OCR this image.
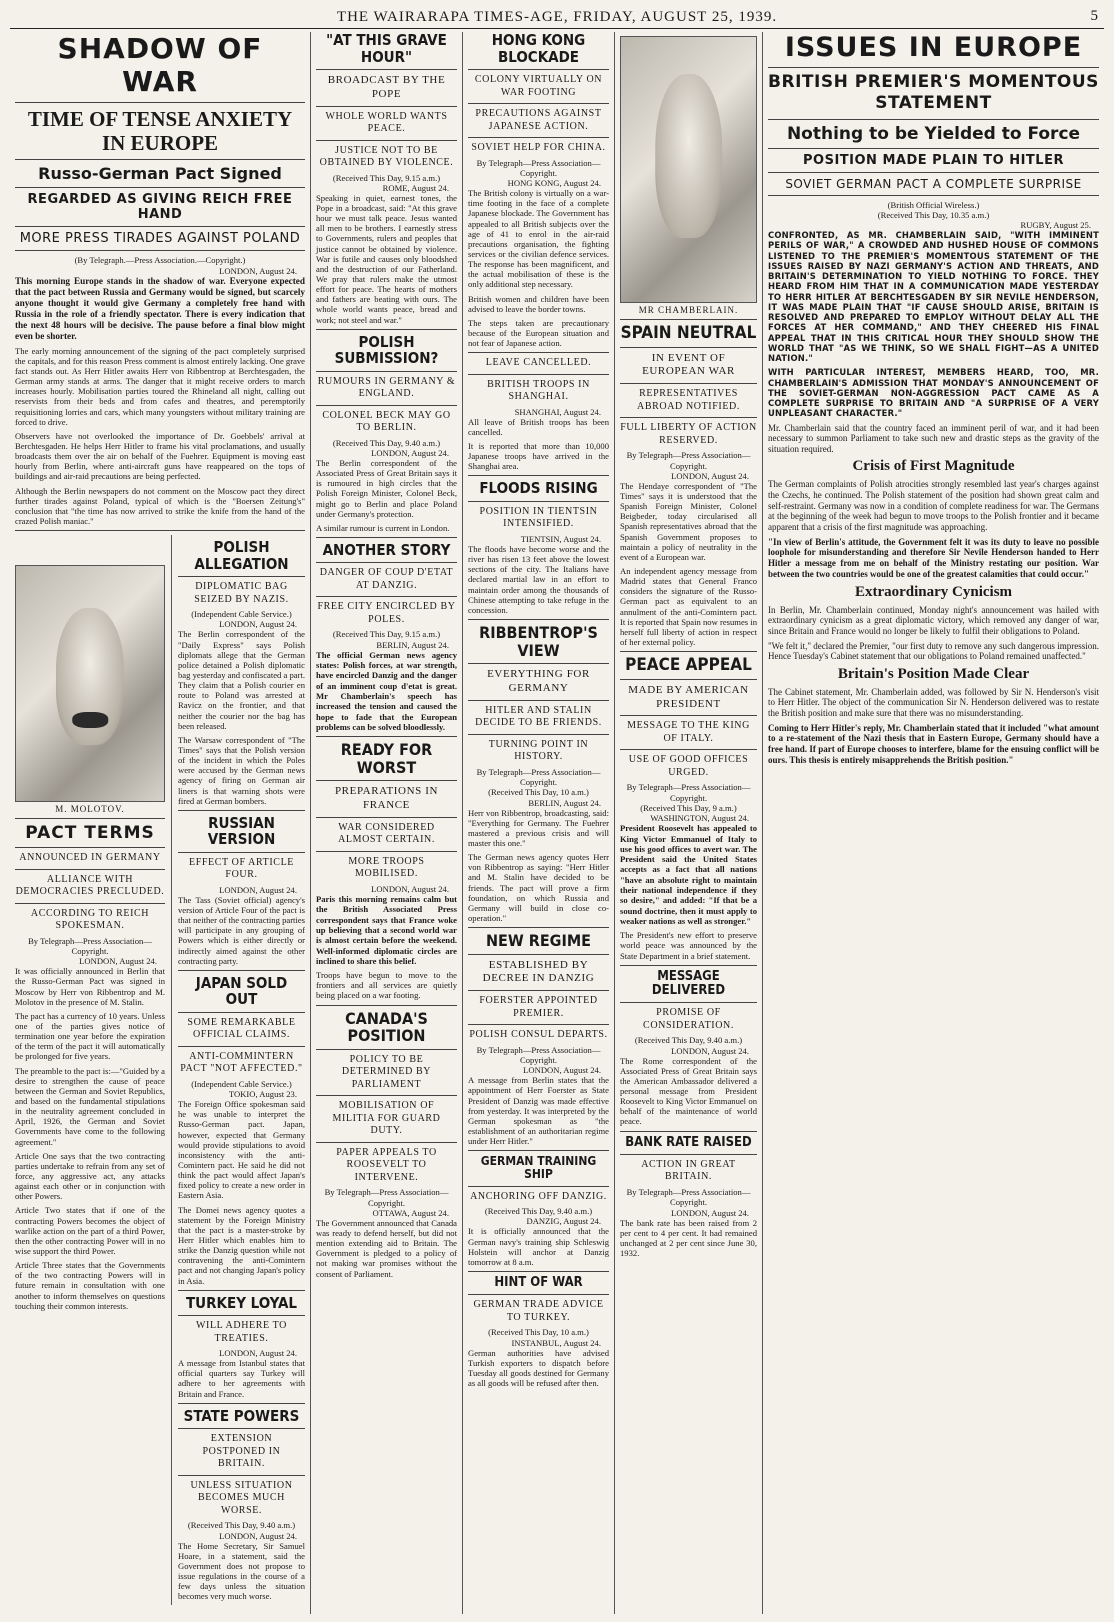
THE WAIRARAPA TIMES-AGE, FRIDAY, AUGUST 25, 1939.	5
SHADOW OF WAR
TIME OF TENSE ANXIETY IN EUROPE
Russo-German Pact Signed
REGARDED AS GIVING REICH FREE HAND
MORE PRESS TIRADES AGAINST POLAND

(By Telegraph.—Press Association.—Copyright.)

LONDON, August 24.

This morning Europe stands in the shadow of war. Everyone expected that the pact between Russia and Germany would be signed, but scarcely anyone thought it would give Germany a completely free hand with Russia in the role of a friendly spectator. There is every indication that the next 48 hours will be decisive. The pause before a final blow might even be shorter.

The early morning announcement of the signing of the pact completely surprised the capitals, and for this reason Press comment is almost entirely lacking. One grave fact stands out. As Herr Hitler awaits Herr von Ribbentrop at Berchtesgaden, the German army stands at arms. The danger that it might receive orders to march increases hourly. Mobilisation parties toured the Rhineland all night, calling out reservists from their beds and from cafes and theatres, and peremptorily requisitioning lorries and cars, which many youngsters without military training are forced to drive.

Observers have not overlooked the importance of Dr. Goebbels' arrival at Berchtesgaden. He helps Herr Hitler to frame his vital proclamations, and usually broadcasts them over the air on behalf of the Fuehrer. Equipment is moving east hourly from Berlin, where anti-aircraft guns have reappeared on the tops of buildings and air-raid precautions are being perfected.

Although the Berlin newspapers do not comment on the Moscow pact they direct further tirades against Poland, typical of which is the "Boersen Zeitung's" conclusion that "the time has now arrived to strike the knife from the hand of the crazed Polish maniac."

M. MOLOTOV.

PACT TERMS

ANNOUNCED IN GERMANY

ALLIANCE WITH DEMOCRACIES PRECLUDED.

ACCORDING TO REICH SPOKESMAN.

By Telegraph—Press Association—Copyright.

LONDON, August 24.

It was officially announced in Berlin that the Russo-German Pact was signed in Moscow by Herr von Ribbentrop and M. Molotov in the presence of M. Stalin.

The pact has a currency of 10 years. Unless one of the parties gives notice of termination one year before the expiration of the term of the pact it will automatically be prolonged for five years.

The preamble to the pact is:—"Guided by a desire to strengthen the cause of peace between the German and Soviet Republics, and based on the fundamental stipulations in the neutrality agreement concluded in April, 1926, the German and Soviet Governments have come to the following agreement."

Article One says that the two contracting parties undertake to refrain from any set of force, any aggressive act, any attacks against each other or in conjunction with other Powers.

Article Two states that if one of the contracting Powers becomes the object of warlike action on the part of a third Power, then the other contracting Power will in no wise support the third Power.

Article Three states that the Governments of the two contracting Powers will in future remain in consultation with one another to inform themselves on questions touching their common interests.

POLISH ALLEGATION

DIPLOMATIC BAG SEIZED BY NAZIS.

(Independent Cable Service.)

LONDON, August 24.

The Berlin correspondent of the "Daily Express" says Polish diplomats allege that the German police detained a Polish diplomatic bag yesterday and confiscated a part. They claim that a Polish courier en route to Poland was arrested at Ravicz on the frontier, and that neither the courier nor the bag has been released.

The Warsaw correspondent of "The Times" says that the Polish version of the incident in which the Poles were accused by the German news agency of firing on German air liners is that warning shots were fired at German bombers.

RUSSIAN VERSION

EFFECT OF ARTICLE FOUR.

LONDON, August 24.

The Tass (Soviet official) agency's version of Article Four of the pact is that neither of the contracting parties will participate in any grouping of Powers which is either directly or indirectly aimed against the other contracting party.

JAPAN SOLD OUT

SOME REMARKABLE OFFICIAL CLAIMS.

ANTI-COMMINTERN PACT "NOT AFFECTED."

(Independent Cable Service.)

TOKIO, August 23.

The Foreign Office spokesman said he was unable to interpret the Russo-German pact. Japan, however, expected that Germany would provide stipulations to avoid inconsistency with the anti-Comintern pact. He said he did not think the pact would affect Japan's fixed policy to create a new order in Eastern Asia.

The Domei news agency quotes a statement by the Foreign Ministry that the pact is a master-stroke by Herr Hitler which enables him to strike the Danzig question while not contravening the anti-Comintern pact and not changing Japan's policy in Asia.

TURKEY LOYAL

WILL ADHERE TO TREATIES.

LONDON, August 24.

A message from Istanbul states that official quarters say Turkey will adhere to her agreements with Britain and France.

STATE POWERS

EXTENSION POSTPONED IN BRITAIN.

UNLESS SITUATION BECOMES MUCH WORSE.

(Received This Day, 9.40 a.m.)

LONDON, August 24.

The Home Secretary, Sir Samuel Hoare, in a statement, said the Government does not propose to issue regulations in the course of a few days unless the situation becomes very much worse.

"AT THIS GRAVE HOUR"

BROADCAST BY THE POPE

WHOLE WORLD WANTS PEACE.

JUSTICE NOT TO BE OBTAINED BY VIOLENCE.

(Received This Day, 9.15 a.m.)

ROME, August 24.

Speaking in quiet, earnest tones, the Pope in a broadcast, said: "At this grave hour we must talk peace. Jesus wanted all men to be brothers. I earnestly stress to Governments, rulers and peoples that justice cannot be obtained by violence. War is futile and causes only bloodshed and the destruction of our Fatherland. We pray that rulers make the utmost effort for peace. The hearts of mothers and fathers are beating with ours. The whole world wants peace, bread and work; not steel and war."

POLISH SUBMISSION?

RUMOURS IN GERMANY & ENGLAND.

COLONEL BECK MAY GO TO BERLIN.

(Received This Day, 9.40 a.m.)

LONDON, August 24.

The Berlin correspondent of the Associated Press of Great Britain says it is rumoured in high circles that the Polish Foreign Minister, Colonel Beck, might go to Berlin and place Poland under Germany's protection.

A similar rumour is current in London.

ANOTHER STORY

DANGER OF COUP D'ETAT AT DANZIG.

FREE CITY ENCIRCLED BY POLES.

(Received This Day, 9.15 a.m.)

BERLIN, August 24.

The official German news agency states: Polish forces, at war strength, have encircled Danzig and the danger of an imminent coup d'etat is great. Mr Chamberlain's speech has increased the tension and caused the hope to fade that the European problems can be solved bloodlessly.

READY FOR WORST

PREPARATIONS IN FRANCE

WAR CONSIDERED ALMOST CERTAIN.

MORE TROOPS MOBILISED.

LONDON, August 24.

Paris this morning remains calm but the British Associated Press correspondent says that France woke up believing that a second world war is almost certain before the weekend. Well-informed diplomatic circles are inclined to share this belief.

Troops have begun to move to the frontiers and all services are quietly being placed on a war footing.

CANADA'S POSITION

POLICY TO BE DETERMINED BY PARLIAMENT

MOBILISATION OF MILITIA FOR GUARD DUTY.

PAPER APPEALS TO ROOSEVELT TO INTERVENE.

By Telegraph—Press Association—Copyright.

OTTAWA, August 24.

The Government announced that Canada was ready to defend herself, but did not mention extending aid to Britain. The Government is pledged to a policy of not making war promises without the consent of Parliament.

HONG KONG BLOCKADE

COLONY VIRTUALLY ON WAR FOOTING

PRECAUTIONS AGAINST JAPANESE ACTION.

SOVIET HELP FOR CHINA.

By Telegraph—Press Association—Copyright.

HONG KONG, August 24.

The British colony is virtually on a war-time footing in the face of a complete Japanese blockade. The Government has appealed to all British subjects over the age of 41 to enrol in the air-raid precautions organisation, the fighting services or the civilian defence services. The response has been magnificent, and the actual mobilisation of these is the only additional step necessary.

British women and children have been advised to leave the border towns.

The steps taken are precautionary because of the European situation and not fear of Japanese action.

LEAVE CANCELLED.

BRITISH TROOPS IN SHANGHAI.

SHANGHAI, August 24.

All leave of British troops has been cancelled.

It is reported that more than 10,000 Japanese troops have arrived in the Shanghai area.

FLOODS RISING

POSITION IN TIENTSIN INTENSIFIED.

TIENTSIN, August 24.

The floods have become worse and the river has risen 13 feet above the lowest sections of the city. The Italians have declared martial law in an effort to maintain order among the thousands of Chinese attempting to take refuge in the concession.

RIBBENTROP'S VIEW

EVERYTHING FOR GERMANY

HITLER AND STALIN DECIDE TO BE FRIENDS.

TURNING POINT IN HISTORY.

By Telegraph—Press Association—Copyright.

(Received This Day, 10 a.m.)

BERLIN, August 24.

Herr von Ribbentrop, broadcasting, said: "Everything for Germany. The Fuehrer mastered a previous crisis and will master this one."

The German news agency quotes Herr von Ribbentrop as saying: "Herr Hitler and M. Stalin have decided to be friends. The pact will prove a firm foundation, on which Russia and Germany will build in close co-operation."

NEW REGIME

ESTABLISHED BY DECREE IN DANZIG

FOERSTER APPOINTED PREMIER.

POLISH CONSUL DEPARTS.

By Telegraph—Press Association—Copyright.

LONDON, August 24.

A message from Berlin states that the appointment of Herr Foerster as State President of Danzig was made effective from yesterday. It was interpreted by the German spokesman as "the establishment of an authoritarian regime under Herr Hitler."

GERMAN TRAINING SHIP

ANCHORING OFF DANZIG.

(Received This Day, 9.40 a.m.)

DANZIG, August 24.

It is officially announced that the German navy's training ship Schleswig Holstein will anchor at Danzig tomorrow at 8 a.m.

HINT OF WAR

GERMAN TRADE ADVICE TO TURKEY.

(Received This Day, 10 a.m.)

INSTANBUL, August 24.

German authorities have advised Turkish exporters to dispatch before Tuesday all goods destined for Germany as all goods will be refused after then.

MR CHAMBERLAIN.

SPAIN NEUTRAL

IN EVENT OF EUROPEAN WAR

REPRESENTATIVES ABROAD NOTIFIED.

FULL LIBERTY OF ACTION RESERVED.

By Telegraph—Press Association—Copyright.

LONDON, August 24.

The Hendaye correspondent of "The Times" says it is understood that the Spanish Foreign Minister, Colonel Beigbeder, today circularised all Spanish representatives abroad that the Spanish Government proposes to maintain a policy of neutrality in the event of a European war.

An independent agency message from Madrid states that General Franco considers the signature of the Russo-German pact as equivalent to an annulment of the anti-Comintern pact. It is reported that Spain now resumes in herself full liberty of action in respect of her external policy.

PEACE APPEAL

MADE BY AMERICAN PRESIDENT

MESSAGE TO THE KING OF ITALY.

USE OF GOOD OFFICES URGED.

By Telegraph—Press Association—Copyright.

(Received This Day, 9 a.m.)

WASHINGTON, August 24.

President Roosevelt has appealed to King Victor Emmanuel of Italy to use his good offices to avert war. The President said the United States accepts as a fact that all nations "have an absolute right to maintain their national independence if they so desire," and added: "If that be a sound doctrine, then it must apply to weaker nations as well as stronger."

The President's new effort to preserve world peace was announced by the State Department in a brief statement.

MESSAGE DELIVERED

PROMISE OF CONSIDERATION.

(Received This Day, 9.40 a.m.)

LONDON, August 24.

The Rome correspondent of the Associated Press of Great Britain says the American Ambassador delivered a personal message from President Roosevelt to King Victor Emmanuel on behalf of the maintenance of world peace.

BANK RATE RAISED

ACTION IN GREAT BRITAIN.

By Telegraph—Press Association—Copyright.

LONDON, August 24.

The bank rate has been raised from 2 per cent to 4 per cent. It had remained unchanged at 2 per cent since June 30, 1932.

ISSUES IN EUROPE
BRITISH PREMIER'S MOMENTOUS STATEMENT
Nothing to be Yielded to Force
POSITION MADE PLAIN TO HITLER
SOVIET GERMAN PACT A COMPLETE SURPRISE

(British Official Wireless.)

(Received This Day, 10.35 a.m.)

RUGBY, August 25.

CONFRONTED, AS MR. CHAMBERLAIN SAID, "WITH IMMINENT PERILS OF WAR," A CROWDED AND HUSHED HOUSE OF COMMONS LISTENED TO THE PREMIER'S MOMENTOUS STATEMENT OF THE ISSUES RAISED BY NAZI GERMANY'S ACTION AND THREATS, AND BRITAIN'S DETERMINATION TO YIELD NOTHING TO FORCE. THEY HEARD FROM HIM THAT IN A COMMUNICATION MADE YESTERDAY TO HERR HITLER AT BERCHTESGADEN BY SIR NEVILE HENDERSON, IT WAS MADE PLAIN THAT "IF CAUSE SHOULD ARISE, BRITAIN IS RESOLVED AND PREPARED TO EMPLOY WITHOUT DELAY ALL THE FORCES AT HER COMMAND," AND THEY CHEERED HIS FINAL APPEAL THAT IN THIS CRITICAL HOUR THEY SHOULD SHOW THE WORLD THAT "AS WE THINK, SO WE SHALL FIGHT—AS A UNITED NATION."

WITH PARTICULAR INTEREST, MEMBERS HEARD, TOO, MR. CHAMBERLAIN'S ADMISSION THAT MONDAY'S ANNOUNCEMENT OF THE SOVIET-GERMAN NON-AGGRESSION PACT CAME AS A COMPLETE SURPRISE TO BRITAIN AND "A SURPRISE OF A VERY UNPLEASANT CHARACTER."

Mr. Chamberlain said that the country faced an imminent peril of war, and it had been necessary to summon Parliament to take such new and drastic steps as the gravity of the situation required.

Crisis of First Magnitude

The German complaints of Polish atrocities strongly resembled last year's charges against the Czechs, he continued. The Polish statement of the position had shown great calm and self-restraint. Germany was now in a condition of complete readiness for war. The Germans at the beginning of the week had begun to move troops to the Polish frontier and it became apparent that a crisis of the first magnitude was approaching.

"In view of Berlin's attitude, the Government felt it was its duty to leave no possible loophole for misunderstanding and therefore Sir Nevile Henderson handed to Herr Hitler a message from me on behalf of the Ministry restating our position. War between the two countries would be one of the greatest calamities that could occur."

Extraordinary Cynicism

In Berlin, Mr. Chamberlain continued, Monday night's announcement was hailed with extraordinary cynicism as a great diplomatic victory, which removed any danger of war, since Britain and France would no longer be likely to fulfil their obligations to Poland.

"We felt it," declared the Premier, "our first duty to remove any such dangerous impression. Hence Tuesday's Cabinet statement that our obligations to Poland remained unaffected."

Britain's Position Made Clear

The Cabinet statement, Mr. Chamberlain added, was followed by Sir N. Henderson's visit to Herr Hitler. The object of the communication Sir N. Henderson delivered was to restate the British position and make sure that there was no misunderstanding.

Coming to Herr Hitler's reply, Mr. Chamberlain stated that it included "what amount to a re-statement of the Nazi thesis that in Eastern Europe, Germany should have a free hand. If part of Europe chooses to interfere, blame for the ensuing conflict will be ours. This thesis is entirely misapprehends the British position."
